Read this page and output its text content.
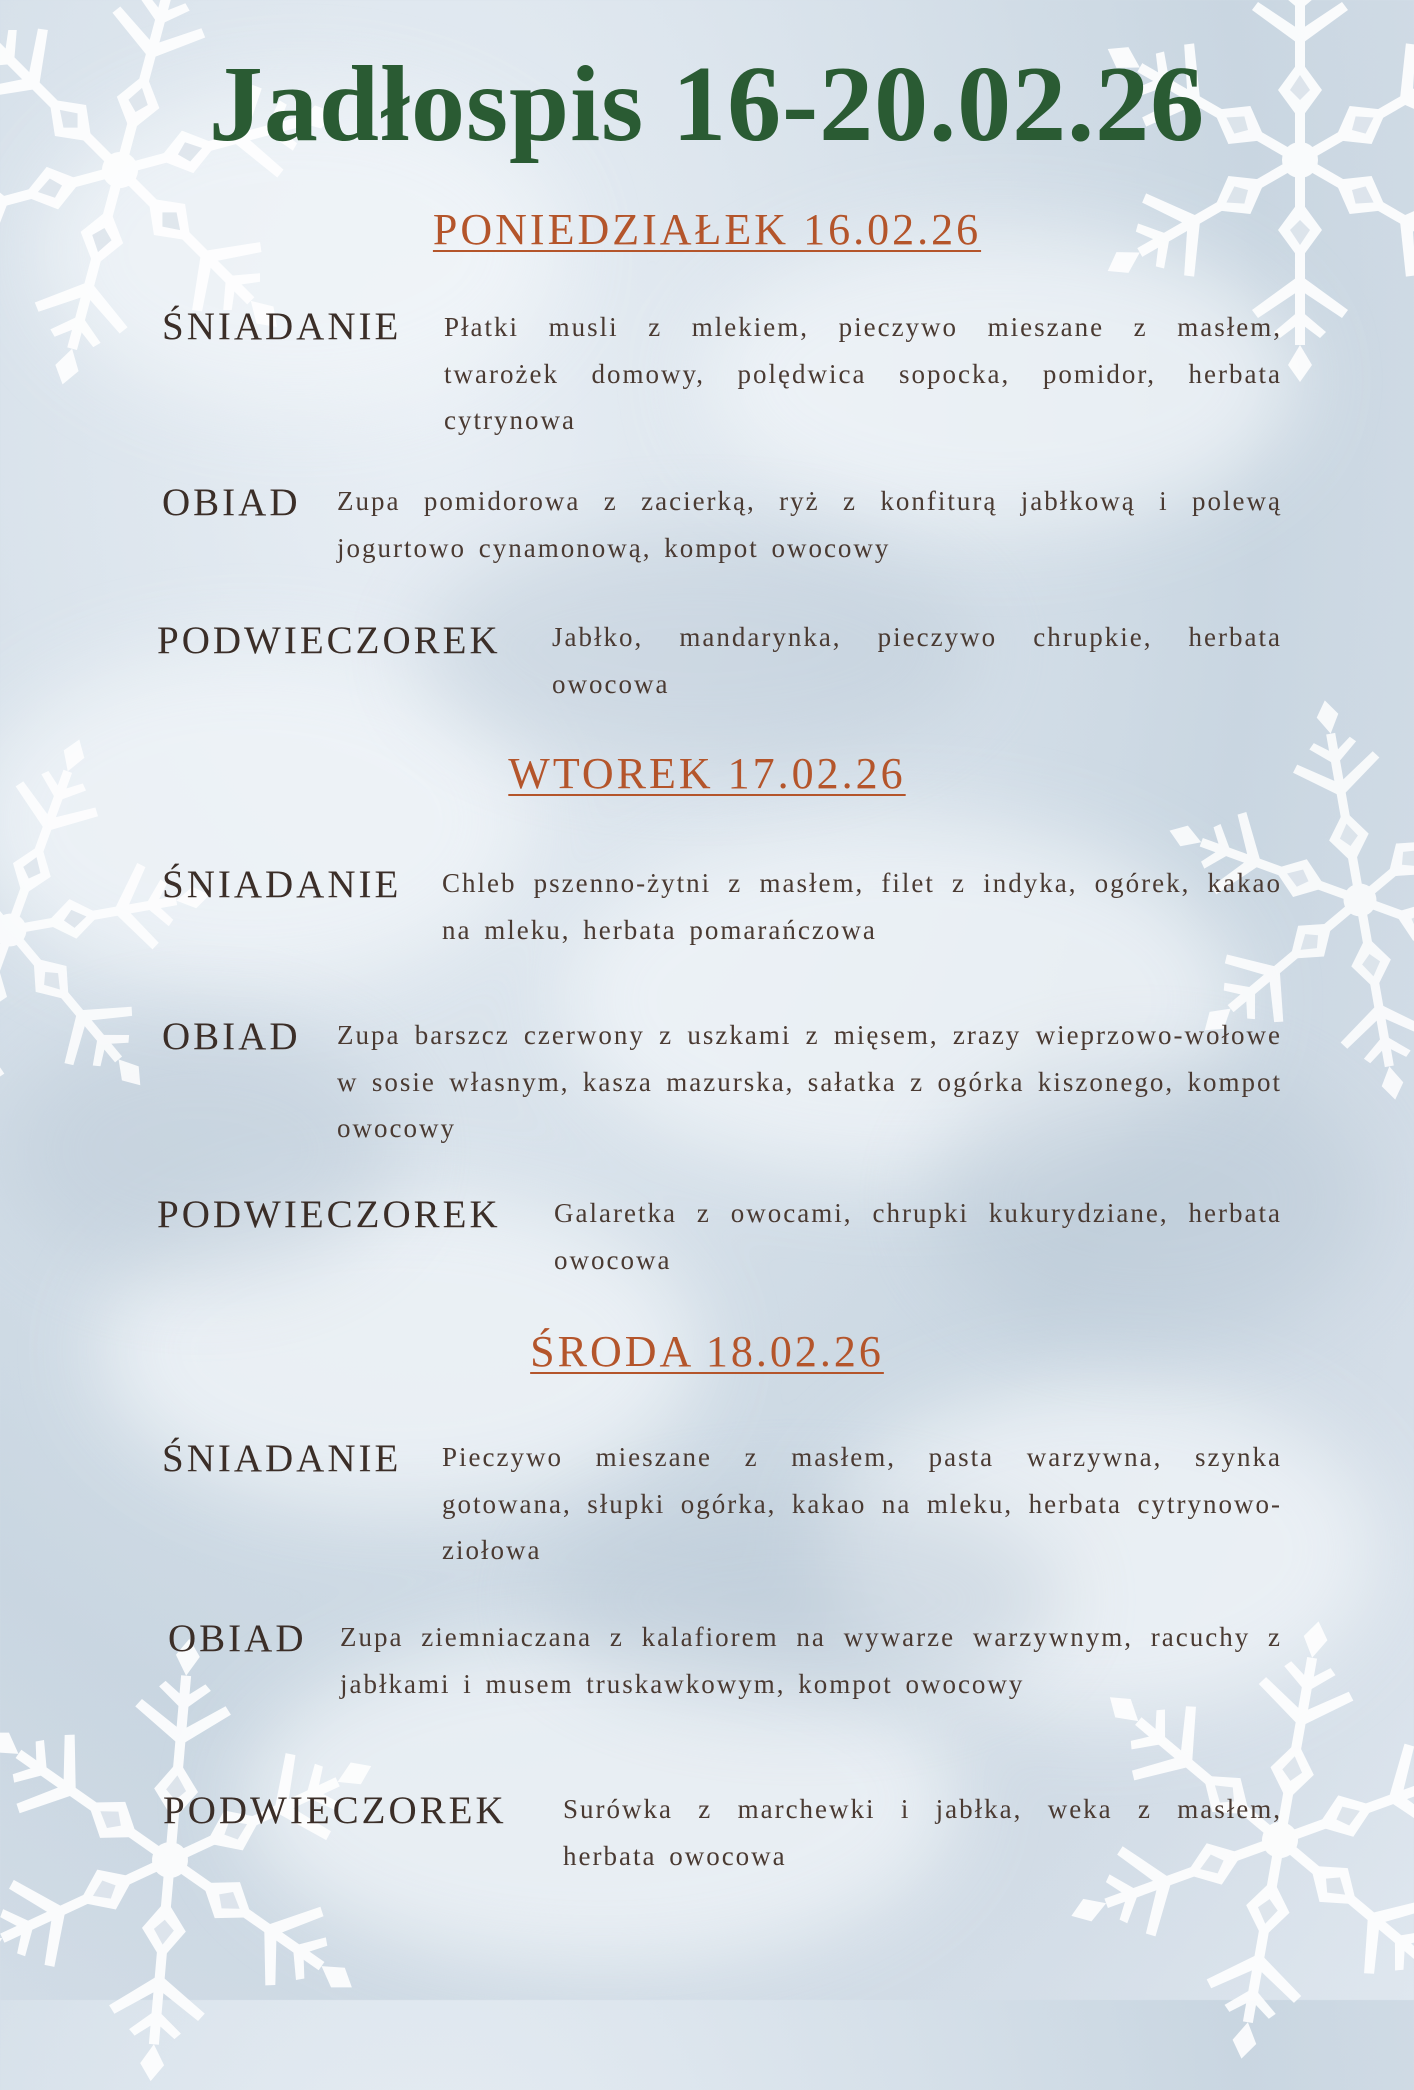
Jadłospis 16-20.02.26
PONIEDZIAŁEK 16.02.26
ŚNIADANIE Płatki musli z mlekiem, pieczywo mieszane z masłem, twarożek domowy, polędwica sopocka, pomidor, herbata cytrynowa

OBIAD Zupa pomidorowa z zacierką, ryż z konfiturą jabłkową i polewą jogurtowo cynamonową, kompot owocowy

PODWIECZOREK Jabłko, mandarynka, pieczywo chrupkie, herbata owocowa

WTOREK 17.02.26
ŚNIADANIE Chleb pszenno-żytni z masłem, filet z indyka, ogórek, kakao na mleku, herbata pomarańczowa

OBIAD Zupa barszcz czerwony z uszkami z mięsem, zrazy wieprzowo-wołowe w sosie własnym, kasza mazurska, sałatka z ogórka kiszonego, kompot owocowy

PODWIECZOREK Galaretka z owocami, chrupki kukurydziane, herbata owocowa

ŚRODA 18.02.26
ŚNIADANIE Pieczywo mieszane z masłem, pasta warzywna, szynka gotowana, słupki ogórka, kakao na mleku, herbata cytrynowo-ziołowa

OBIAD Zupa ziemniaczana z kalafiorem na wywarze warzywnym, racuchy z jabłkami i musem truskawkowym, kompot owocowy

PODWIECZOREK Surówka z marchewki i jabłka, weka z masłem, herbata owocowa
